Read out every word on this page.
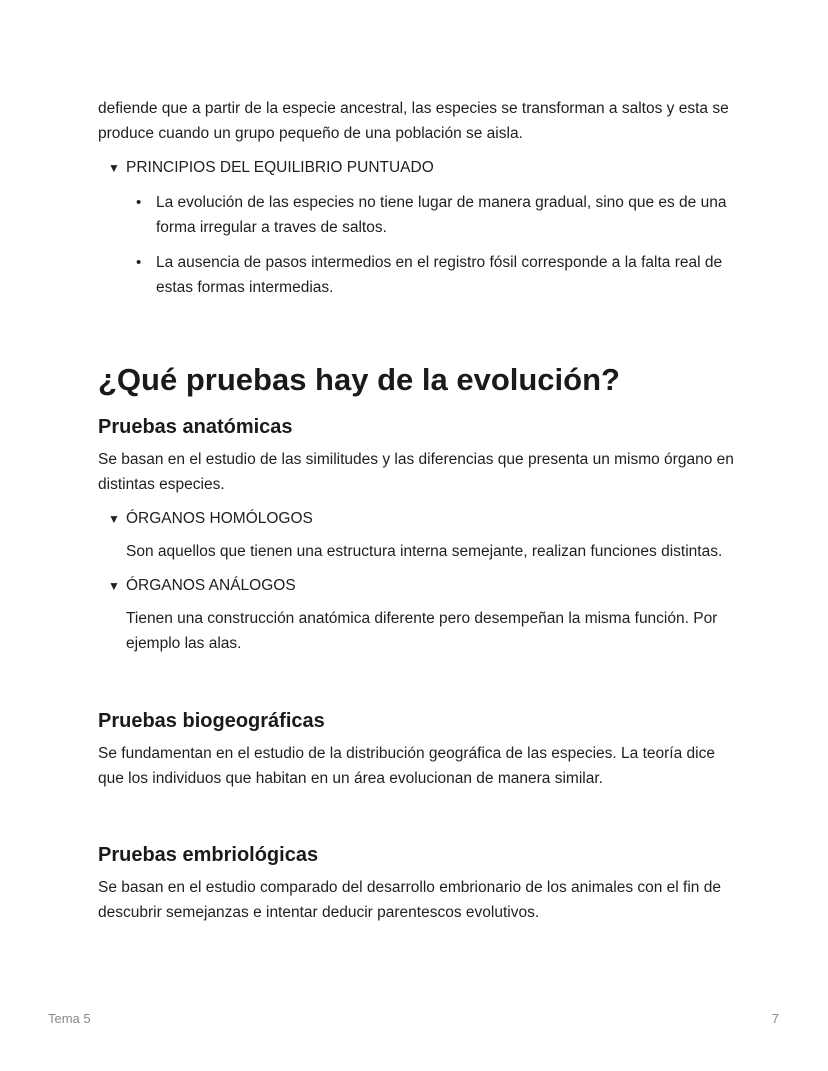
defiende que a partir de la especie ancestral, las especies se transforman a saltos y esta se produce cuando un grupo pequeño de una población se aisla.

▼ PRINCIPIOS DEL EQUILIBRIO PUNTUADO
• La evolución de las especies no tiene lugar de manera gradual, sino que es de una forma irregular a traves de saltos.
• La ausencia de pasos intermedios en el registro fósil corresponde a la falta real de estas formas intermedias.
¿Qué pruebas hay de la evolución?
Pruebas anatómicas

Se basan en el estudio de las similitudes y las diferencias que presenta un mismo órgano en distintas especies.

▼ ÓRGANOS HOMÓLOGOS

Son aquellos que tienen una estructura interna semejante, realizan funciones distintas.

▼ ÓRGANOS ANÁLOGOS

Tienen una construcción anatómica diferente pero desempeñan la misma función. Por ejemplo las alas.

Pruebas biogeográficas

Se fundamentan en el estudio de la distribución geográfica de las especies. La teoría dice que los individuos que habitan en un área evolucionan de manera similar.

Pruebas embriológicas

Se basan en el estudio comparado del desarrollo embrionario de los animales con el fin de descubrir semejanzas e intentar deducir parentescos evolutivos.

Tema 5	7
